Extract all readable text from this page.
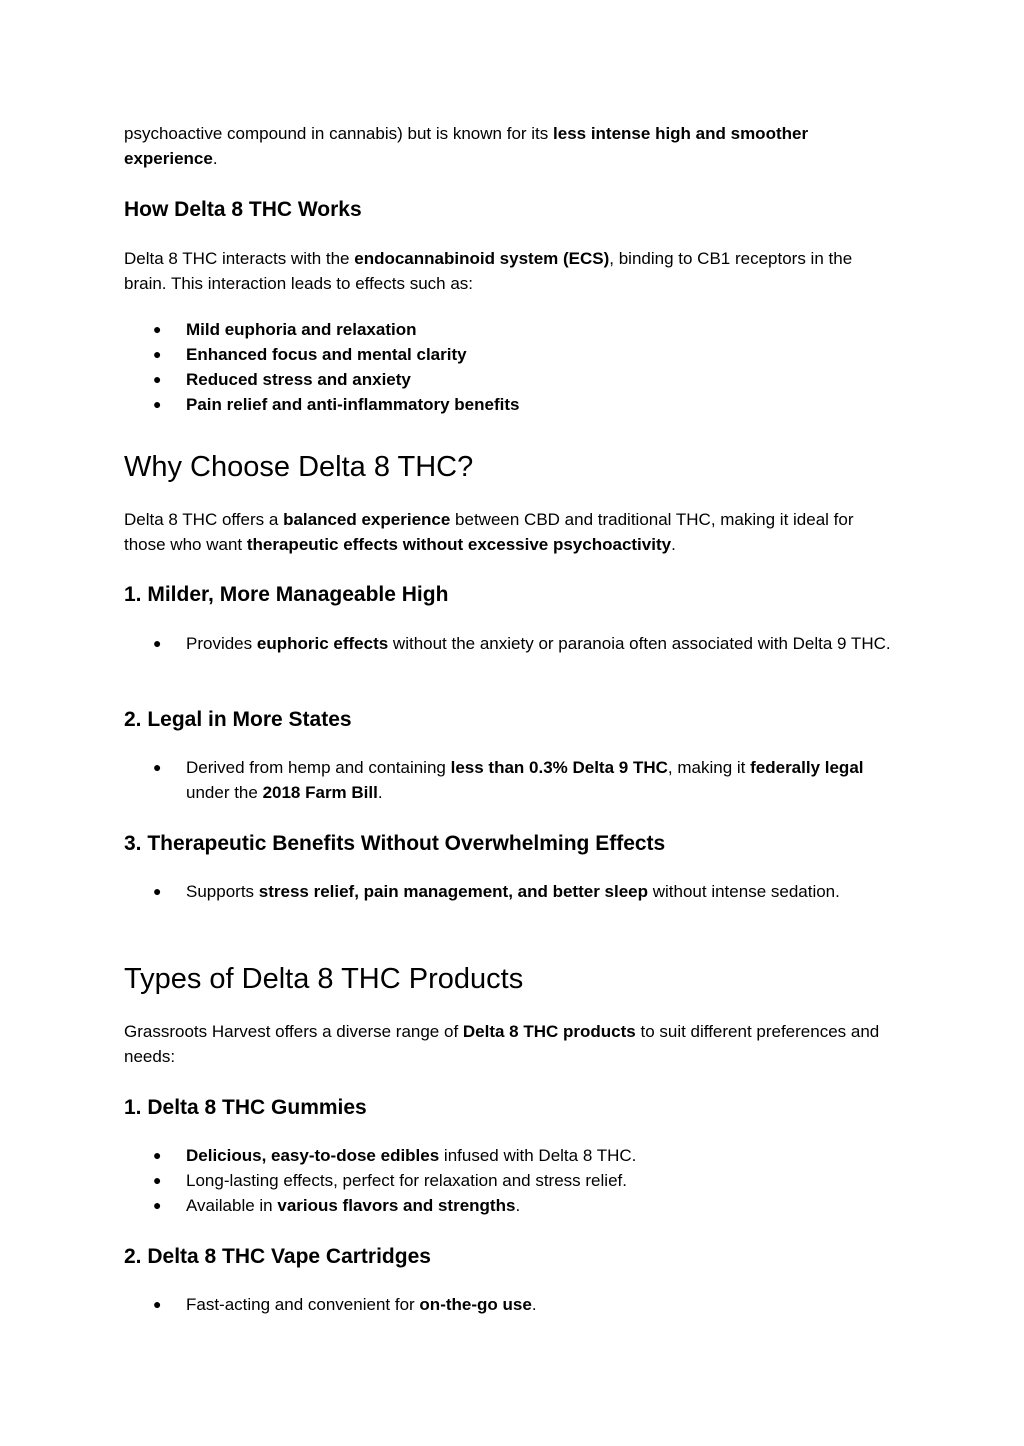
psychoactive compound in cannabis) but is known for its less intense high and smoother experience.

How Delta 8 THC Works

Delta 8 THC interacts with the endocannabinoid system (ECS), binding to CB1 receptors in the brain. This interaction leads to effects such as:

● Mild euphoria and relaxation
● Enhanced focus and mental clarity
● Reduced stress and anxiety
● Pain relief and anti-inflammatory benefits
Why Choose Delta 8 THC?

Delta 8 THC offers a balanced experience between CBD and traditional THC, making it ideal for those who want therapeutic effects without excessive psychoactivity.

1. Milder, More Manageable High
● Provides euphoric effects without the anxiety or paranoia often associated with Delta 9 THC.
2. Legal in More States
● Derived from hemp and containing less than 0.3% Delta 9 THC, making it federally legal under the 2018 Farm Bill.
3. Therapeutic Benefits Without Overwhelming Effects
● Supports stress relief, pain management, and better sleep without intense sedation.
Types of Delta 8 THC Products

Grassroots Harvest offers a diverse range of Delta 8 THC products to suit different preferences and needs:

1. Delta 8 THC Gummies
● Delicious, easy-to-dose edibles infused with Delta 8 THC.
● Long-lasting effects, perfect for relaxation and stress relief.
● Available in various flavors and strengths.
2. Delta 8 THC Vape Cartridges
● Fast-acting and convenient for on-the-go use.
